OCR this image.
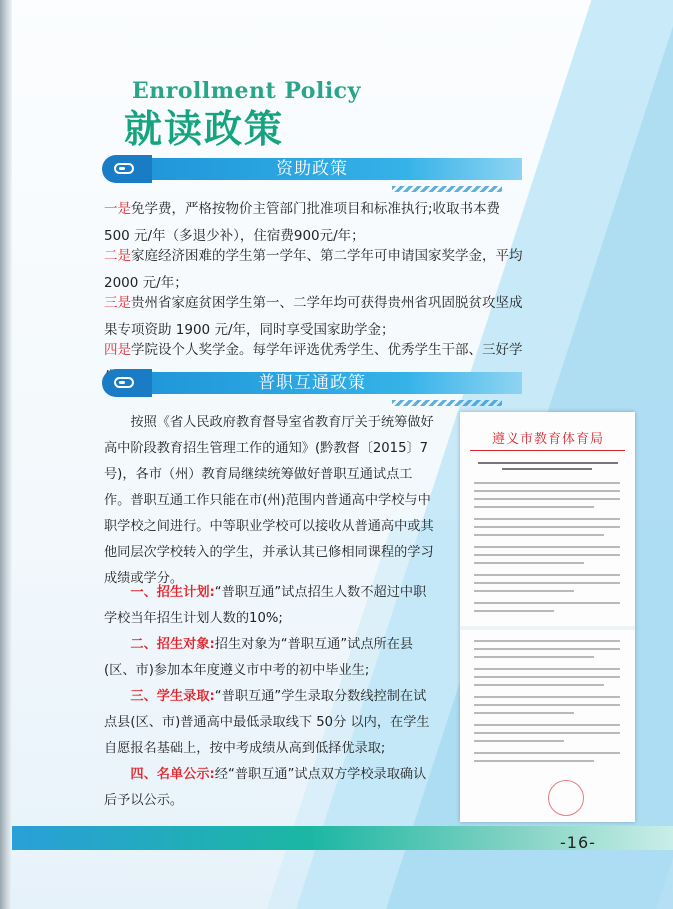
Enrollment Policy
就读政策
资助政策
一是免学费，严格按物价主管部门批准项目和标准执行;收取书本费 500 元/年（多退少补），住宿费900元/年；
二是家庭经济困难的学生第一学年、第二学年可申请国家奖学金，平均 2000 元/年；
三是贵州省家庭贫困学生第一、二学年均可获得贵州省巩固脱贫攻坚成果专项资助 1900 元/年，同时享受国家助学金；
四是学院设个人奖学金。每学年评选优秀学生、优秀学生干部、三好学
普职互通政策
按照《省人民政府教育督导室省教育厅关于统筹做好高中阶段教育招生管理工作的通知》(黔教督〔2015〕7号)，各市（州）教育局继续统筹做好普职互通试点工作。普职互通工作只能在市(州)范围内普通高中学校与中职学校之间进行。中等职业学校可以接收从普通高中或其他同层次学校转入的学生，并承认其已修相同课程的学习成绩或学分。
一、招生计划:“普职互通”试点招生人数不超过中职学校当年招生计划人数的10%;
二、招生对象:招生对象为“普职互通”试点所在县(区、市)参加本年度遵义市中考的初中毕业生;
三、学生录取:“普职互通”学生录取分数线控制在试点县(区、市)普通高中最低录取线下 50分 以内，在学生自愿报名基础上，按中考成绩从高到低择优录取;
四、名单公示:经“普职互通”试点双方学校录取确认后予以公示。
遵义市教育体育局
-16-
